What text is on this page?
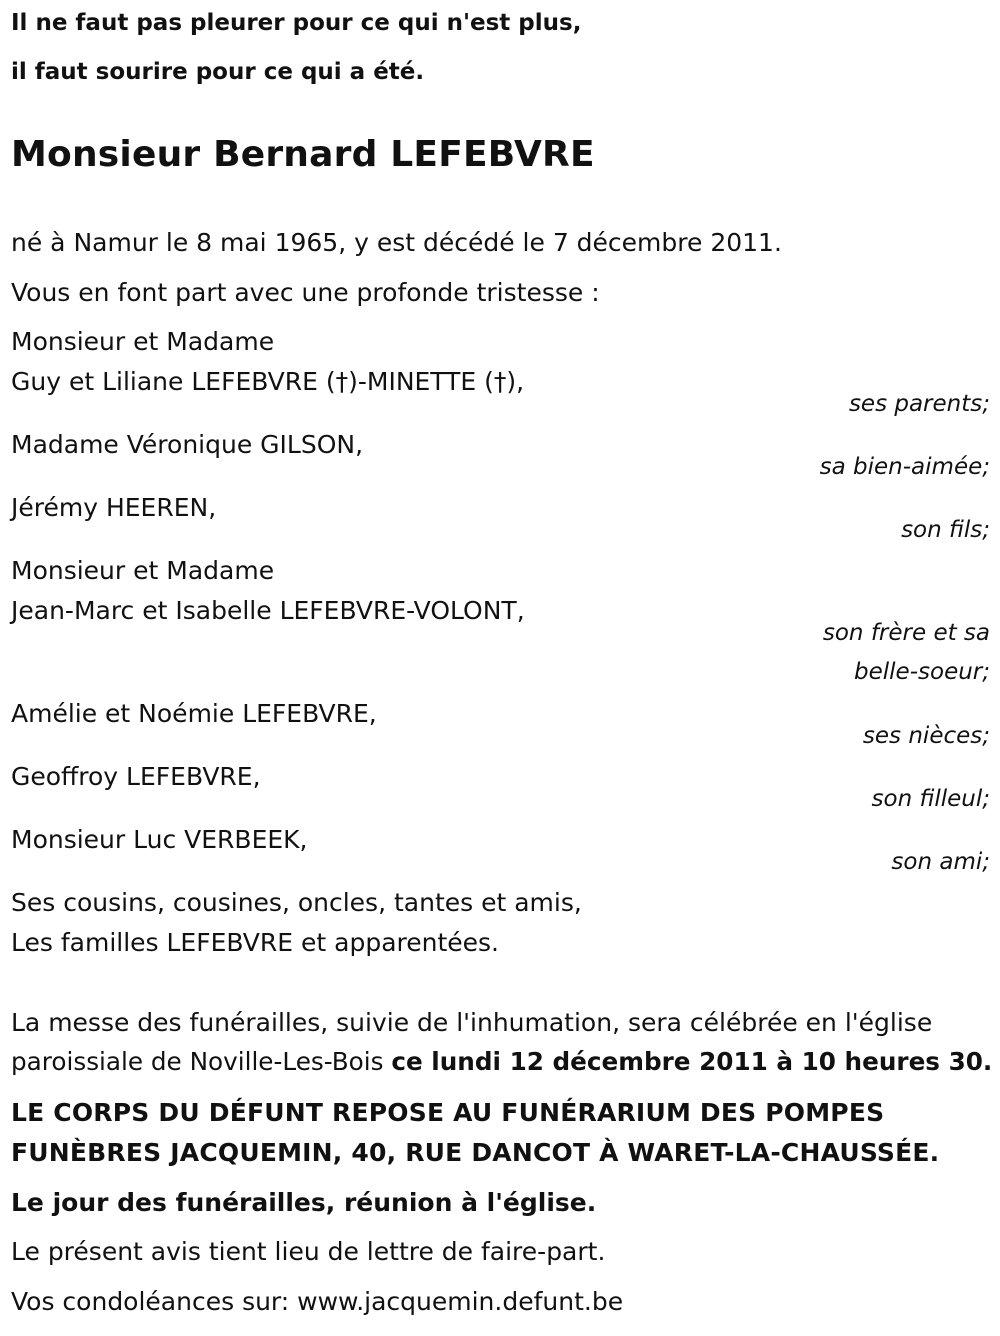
Il ne faut pas pleurer pour ce qui n'est plus,
il faut sourire pour ce qui a été.
Monsieur Bernard LEFEBVRE
né à Namur le 8 mai 1965, y est décédé le 7 décembre 2011.
Vous en font part avec une profonde tristesse :
Monsieur et Madame
Guy et Liliane LEFEBVRE (†)-MINETTE (†),
ses parents;
Madame Véronique GILSON,
sa bien-aimée;
Jérémy HEEREN,
son fils;
Monsieur et Madame
Jean-Marc et Isabelle LEFEBVRE-VOLONT,
son frère et sa
belle-soeur;
Amélie et Noémie LEFEBVRE,
ses nièces;
Geoffroy LEFEBVRE,
son filleul;
Monsieur Luc VERBEEK,
son ami;
Ses cousins, cousines, oncles, tantes et amis,
Les familles LEFEBVRE et apparentées.
La messe des funérailles, suivie de l'inhumation, sera célébrée en l'église
paroissiale de Noville-Les-Bois ce lundi 12 décembre 2011 à 10 heures 30.
LE CORPS DU DÉFUNT REPOSE AU FUNÉRARIUM DES POMPES
FUNÈBRES JACQUEMIN, 40, RUE DANCOT À WARET-LA-CHAUSSÉE.
Le jour des funérailles, réunion à l'église.
Le présent avis tient lieu de lettre de faire-part.
Vos condoléances sur: www.jacquemin.defunt.be
